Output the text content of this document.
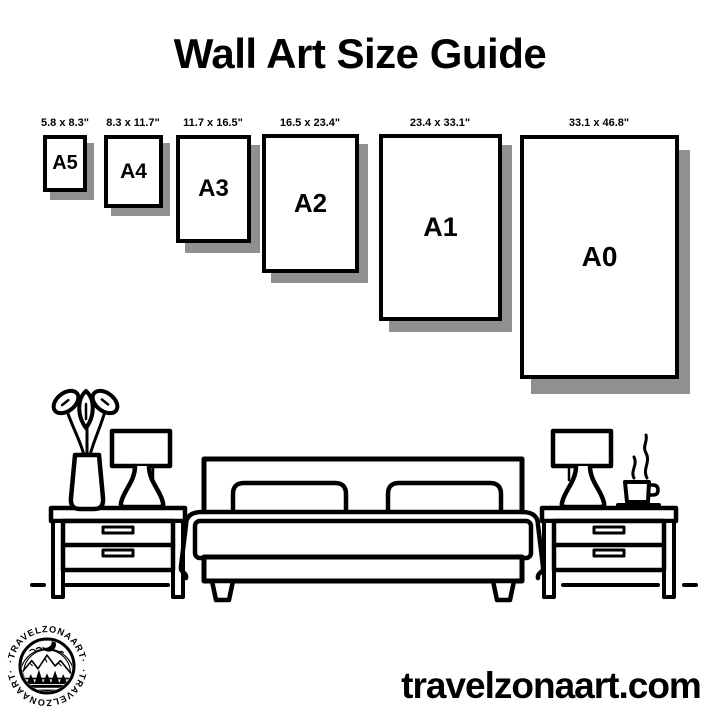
Wall Art Size Guide
5.8 x 8.3" 8.3 x 11.7" 11.7 x 16.5"	16.5 x 23.4"	23.4 x 33.1"	33.1 x 46.8"
A5 A4
A3	A2
A1
A0
·TRAVELZONAART·
·TRAVELZONAART·	travelzonaart.com
